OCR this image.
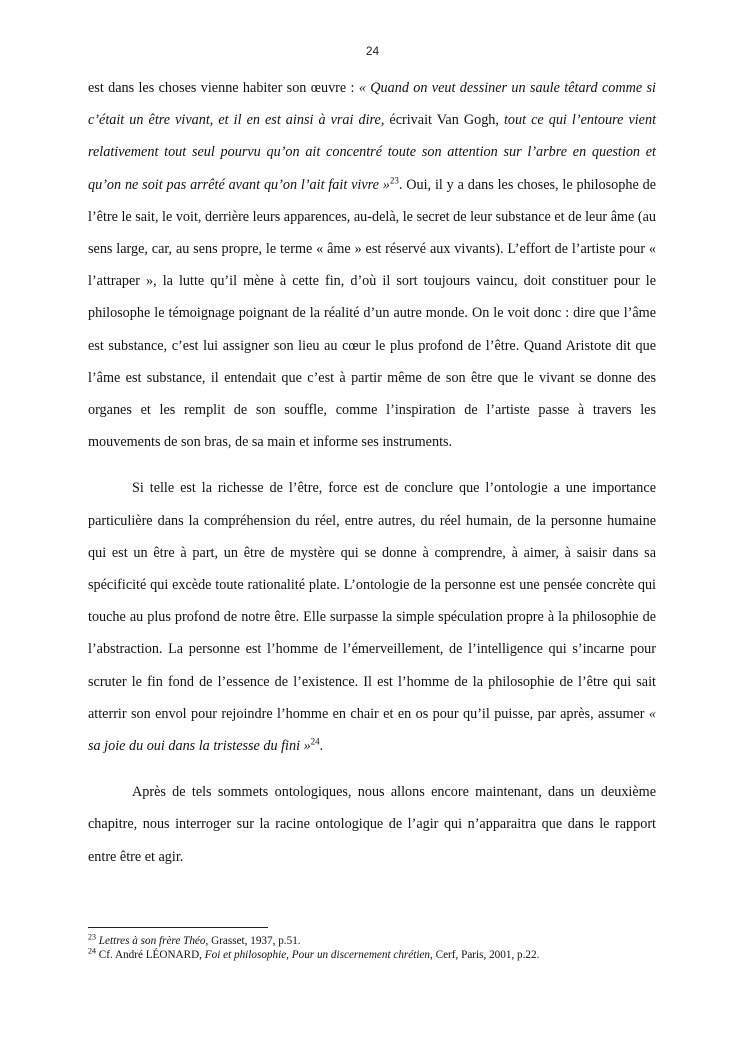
24

est dans les choses vienne habiter son œuvre : « Quand on veut dessiner un saule têtard comme si c’était un être vivant, et il en est ainsi à vrai dire, écrivait Van Gogh, tout ce qui l’entoure vient relativement tout seul pourvu qu’on ait concentré toute son attention sur l’arbre en question et qu’on ne soit pas arrêté avant qu’on l’ait fait vivre »$^{23}$. Oui, il y a dans les choses, le philosophe de l’être le sait, le voit, derrière leurs apparences, au-delà, le secret de leur substance et de leur âme (au sens large, car, au sens propre, le terme « âme » est réservé aux vivants). L’effort de l’artiste pour « l’attraper », la lutte qu’il mène à cette fin, d’où il sort toujours vaincu, doit constituer pour le philosophe le témoignage poignant de la réalité d’un autre monde. On le voit donc : dire que l’âme est substance, c’est lui assigner son lieu au cœur le plus profond de l’être. Quand Aristote dit que l’âme est substance, il entendait que c’est à partir même de son être que le vivant se donne des organes et les remplit de son souffle, comme l’inspiration de l’artiste passe à travers les mouvements de son bras, de sa main et informe ses instruments.

Si telle est la richesse de l’être, force est de conclure que l’ontologie a une importance particulière dans la compréhension du réel, entre autres, du réel humain, de la personne humaine qui est un être à part, un être de mystère qui se donne à comprendre, à aimer, à saisir dans sa spécificité qui excède toute rationalité plate. L’ontologie de la personne est une pensée concrète qui touche au plus profond de notre être. Elle surpasse la simple spéculation propre à la philosophie de l’abstraction. La personne est l’homme de l’émerveillement, de l’intelligence qui s’incarne pour scruter le fin fond de l’essence de l’existence. Il est l’homme de la philosophie de l’être qui sait atterrir son envol pour rejoindre l’homme en chair et en os pour qu’il puisse, par après, assumer « sa joie du oui dans la tristesse du fini »$^{24}$.

Après de tels sommets ontologiques, nous allons encore maintenant, dans un deuxième chapitre, nous interroger sur la racine ontologique de l’agir qui n’apparaitra que dans le rapport entre être et agir.

$^{23}$ Lettres à son frère Théo, Grasset, 1937, p.51.

$^{24}$ Cf. André LÉONARD, Foi et philosophie, Pour un discernement chrétien, Cerf, Paris, 2001, p.22.
